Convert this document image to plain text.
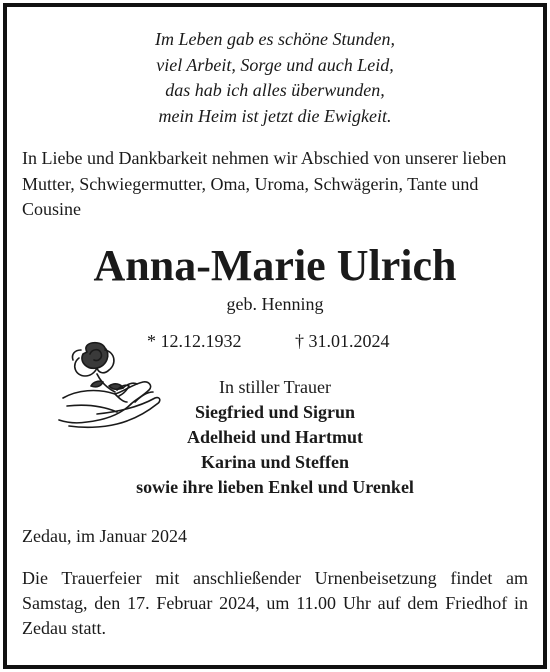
Im Leben gab es schöne Stunden,
viel Arbeit, Sorge und auch Leid,
das hab ich alles überwunden,
mein Heim ist jetzt die Ewigkeit.
In Liebe und Dankbarkeit nehmen wir Abschied von unserer lieben Mutter, Schwiegermutter, Oma, Uroma, Schwägerin, Tante und Cousine
Anna-Marie Ulrich
geb. Henning
* 12.12.1932	† 31.01.2024
In stiller Trauer
Siegfried und Sigrun
Adelheid und Hartmut
Karina und Steffen
sowie ihre lieben Enkel und Urenkel
Zedau, im Januar 2024
Die Trauerfeier mit anschließender Urnenbeisetzung findet am Samstag, den 17. Februar 2024, um 11.00 Uhr auf dem Friedhof in Zedau statt.
